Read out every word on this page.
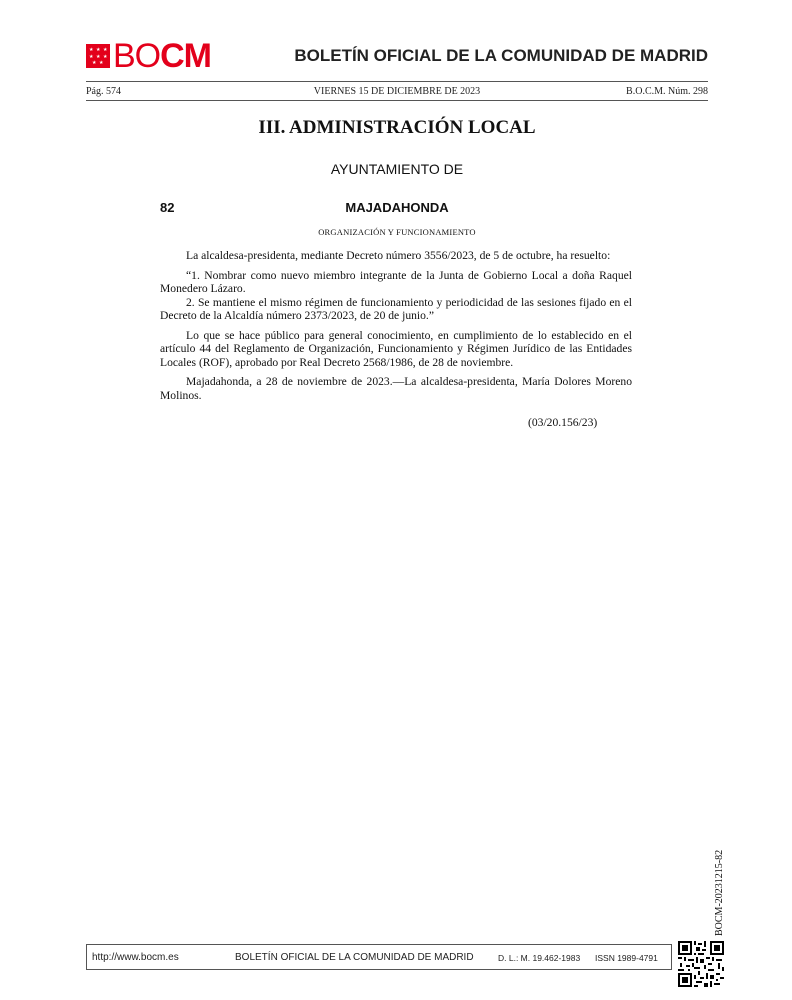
★ ★ ★
★ ★ ★
★ ★ BO CM	BOLETÍN OFICIAL DE LA COMUNIDAD DE MADRID
Pág. 574	VIERNES 15 DE DICIEMBRE DE 2023	B.O.C.M. Núm. 298
III. ADMINISTRACIÓN LOCAL
AYUNTAMIENTO DE
MAJADAHONDA
82
ORGANIZACIÓN Y FUNCIONAMIENTO

La alcaldesa-presidenta, mediante Decreto número 3556/2023, de 5 de octubre, ha resuelto:

“1. Nombrar como nuevo miembro integrante de la Junta de Gobierno Local a doña Raquel Monedero Lázaro.

2. Se mantiene el mismo régimen de funcionamiento y periodicidad de las sesiones fijado en el Decreto de la Alcaldía número 2373/2023, de 20 de junio.”

Lo que se hace público para general conocimiento, en cumplimiento de lo establecido en el artículo 44 del Reglamento de Organización, Funcionamiento y Régimen Jurídico de las Entidades Locales (ROF), aprobado por Real Decreto 2568/1986, de 28 de noviembre.

Majadahonda, a 28 de noviembre de 2023.—La alcaldesa-presidenta, María Dolores Moreno Molinos.

(03/20.156/23)
BOCM-20231215-82
http://www.bocm.es	BOLETÍN OFICIAL DE LA COMUNIDAD DE MADRID	D. L.: M. 19.462-1983 ISSN 1989-4791
